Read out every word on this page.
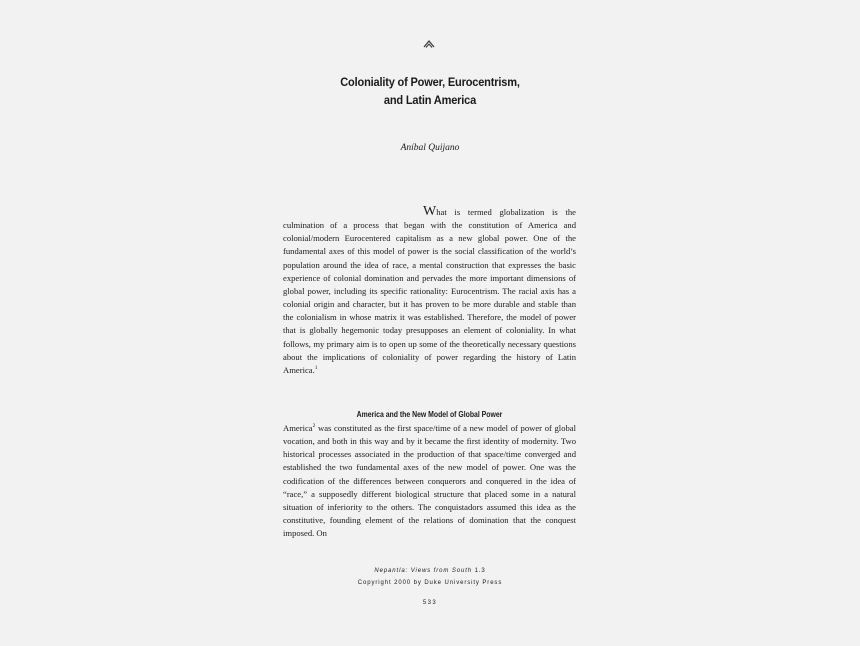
Coloniality of Power, Eurocentrism,
and Latin America
Aníbal Quijano
What is termed globalization is the culmination of a process that began with the constitution of America and colonial/modern Eurocentered capitalism as a new global power. One of the fundamental axes of this model of power is the social classification of the world’s population around the idea of race, a mental construction that expresses the basic experience of colonial domination and pervades the more important dimensions of global power, including its specific rationality: Eurocentrism. The racial axis has a colonial origin and character, but it has proven to be more durable and stable than the colonialism in whose matrix it was established. Therefore, the model of power that is globally hegemonic today presupposes an element of coloniality. In what follows, my primary aim is to open up some of the theoretically necessary questions about the implications of coloniality of power regarding the history of Latin America.$^1$
America and the New Model of Global Power
America$^2$ was constituted as the first space/time of a new model of power of global vocation, and both in this way and by it became the first identity of modernity. Two historical processes associated in the production of that space/time converged and established the two fundamental axes of the new model of power. One was the codification of the differences between conquerors and conquered in the idea of “race,” a supposedly different biological structure that placed some in a natural situation of inferiority to the others. The conquistadors assumed this idea as the constitutive, founding element of the relations of domination that the conquest imposed. On
Nepantla: Views from South 1.3
Copyright 2000 by Duke University Press
533
